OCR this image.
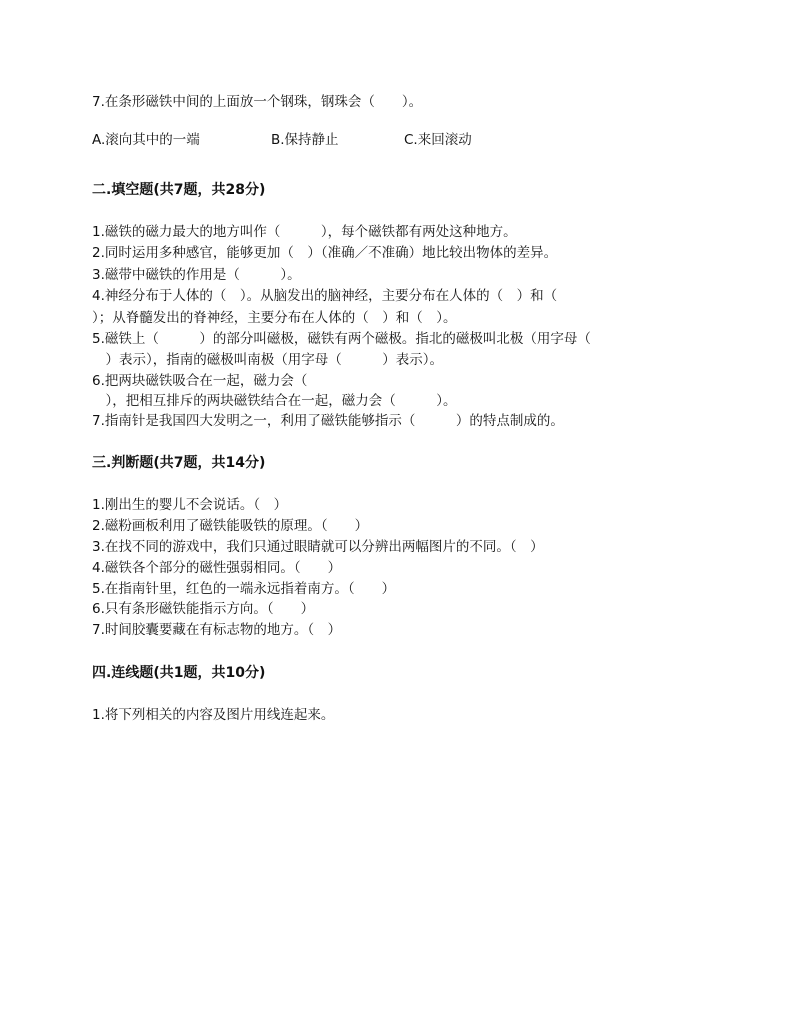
7.在条形磁铁中间的上面放一个钢珠，钢珠会（　　）。
A.滚向其中的一端	B.保持静止	C.来回滚动
二.填空题(共7题，共28分)
1.磁铁的磁力最大的地方叫作（　　　），每个磁铁都有两处这种地方。
2.同时运用多种感官，能够更加（　）（准确／不准确）地比较出物体的差异。
3.磁带中磁铁的作用是（　　　）。
4.神经分布于人体的（　）。从脑发出的脑神经，主要分布在人体的（　）和（
）；从脊髓发出的脊神经，主要分布在人体的（　）和（　）。
5.磁铁上（　　　）的部分叫磁极，磁铁有两个磁极。指北的磁极叫北极（用字母（
　）表示），指南的磁极叫南极（用字母（　　　）表示）。
6.把两块磁铁吸合在一起，磁力会（
　），把相互排斥的两块磁铁结合在一起，磁力会（　　　）。
7.指南针是我国四大发明之一，利用了磁铁能够指示（　　　）的特点制成的。
三.判断题(共7题，共14分)
1.刚出生的婴儿不会说话。（　）
2.磁粉画板利用了磁铁能吸铁的原理。（　　）
3.在找不同的游戏中，我们只通过眼睛就可以分辨出两幅图片的不同。（　）
4.磁铁各个部分的磁性强弱相同。（　　）
5.在指南针里，红色的一端永远指着南方。（　　）
6.只有条形磁铁能指示方向。（　　）
7.时间胶囊要藏在有标志物的地方。（　）
四.连线题(共1题，共10分)
1.将下列相关的内容及图片用线连起来。
